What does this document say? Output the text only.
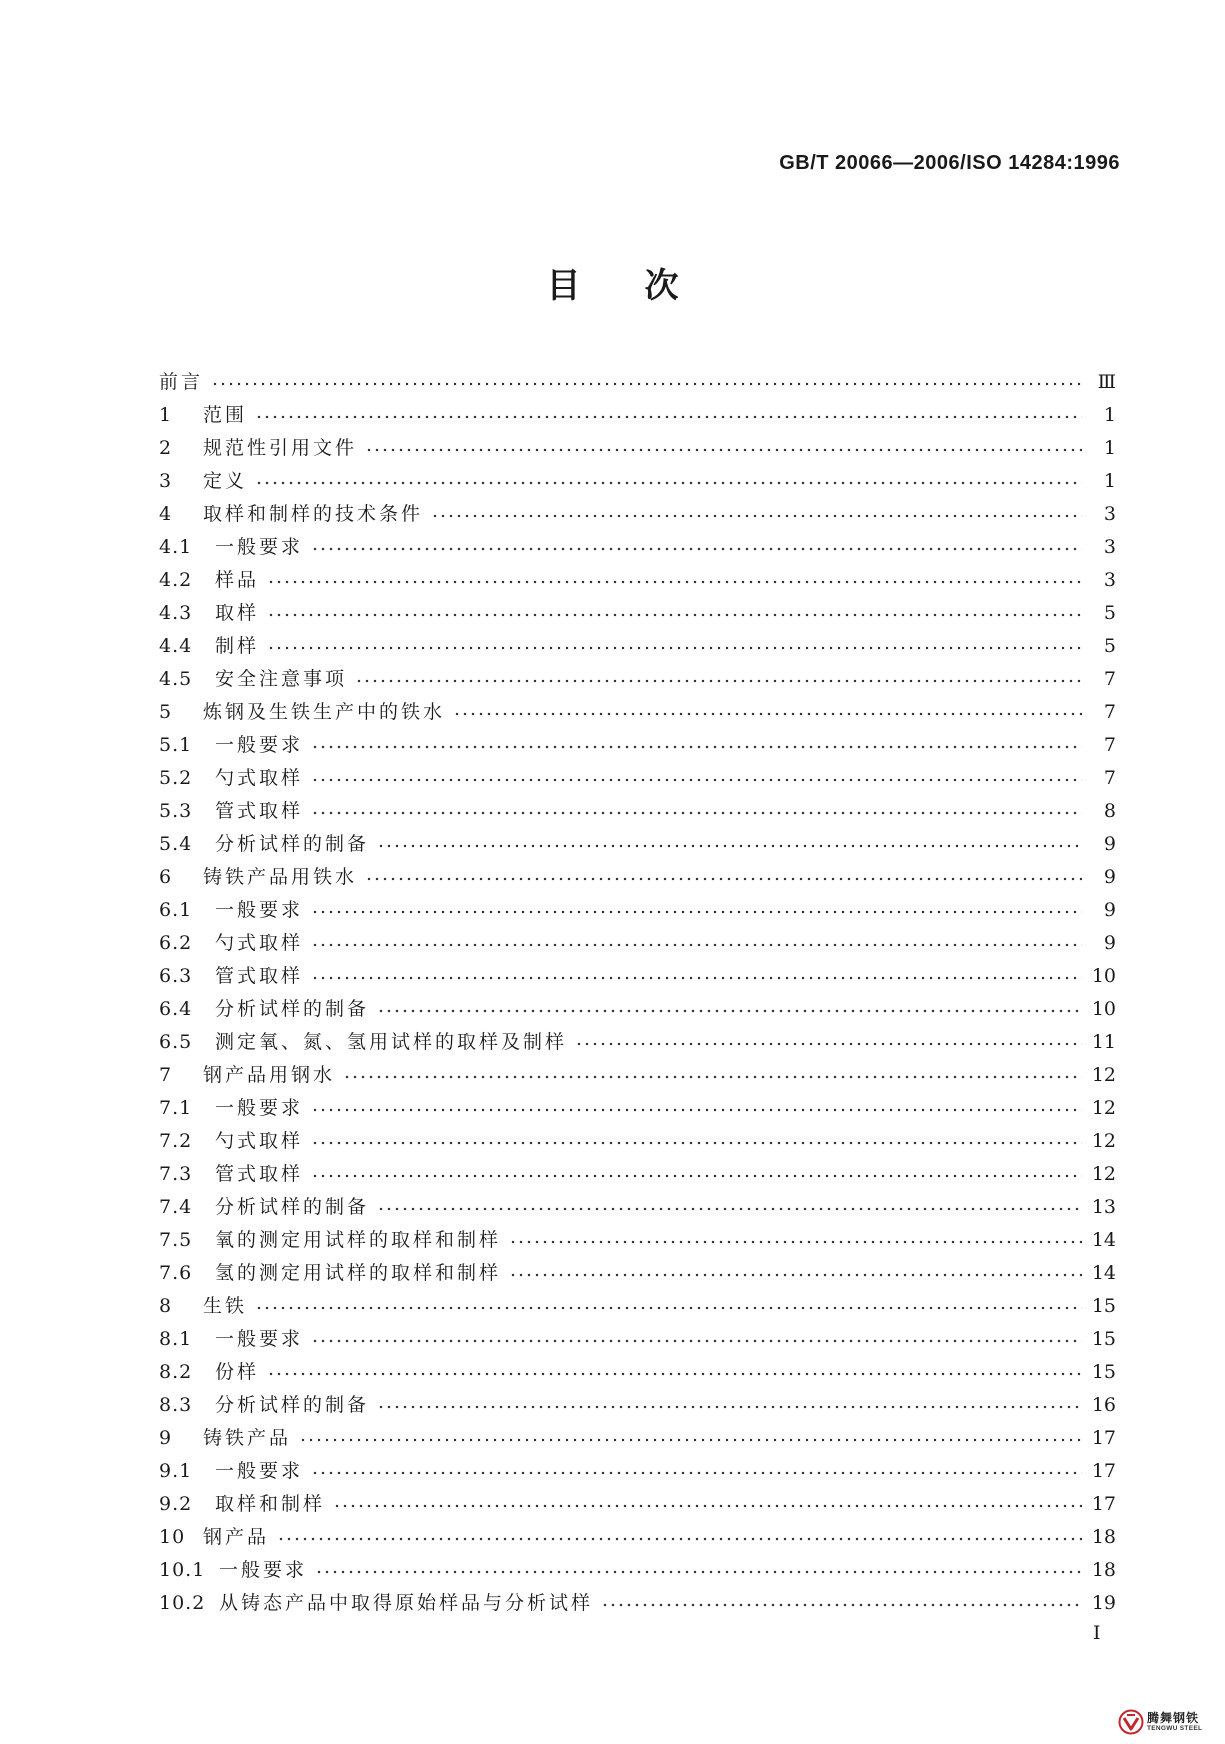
GB/T 20066—2006/ISO 14284:1996
目次
前言	Ⅲ
1	范围	1
2	规范性引用文件	1
3	定义	1
4	取样和制样的技术条件	3
4.1	一般要求	3
4.2	样品	3
4.3	取样	5
4.4	制样	5
4.5	安全注意事项	7
5	炼钢及生铁生产中的铁水	7
5.1	一般要求	7
5.2	勺式取样	7
5.3	管式取样	8
5.4	分析试样的制备	9
6	铸铁产品用铁水	9
6.1	一般要求	9
6.2	勺式取样	9
6.3	管式取样	10
6.4	分析试样的制备	10
6.5	测定氧、氮、氢用试样的取样及制样	11
7	钢产品用钢水	12
7.1	一般要求	12
7.2	勺式取样	12
7.3	管式取样	12
7.4	分析试样的制备	13
7.5	氧的测定用试样的取样和制样	14
7.6	氢的测定用试样的取样和制样	14
8	生铁	15
8.1	一般要求	15
8.2	份样	15
8.3	分析试样的制备	16
9	铸铁产品	17
9.1	一般要求	17
9.2	取样和制样	17
10 钢产品	18
10.1 一般要求	18
10.2 从铸态产品中取得原始样品与分析试样	19
Ⅰ
腾舞钢铁
TENGWU STEEL
